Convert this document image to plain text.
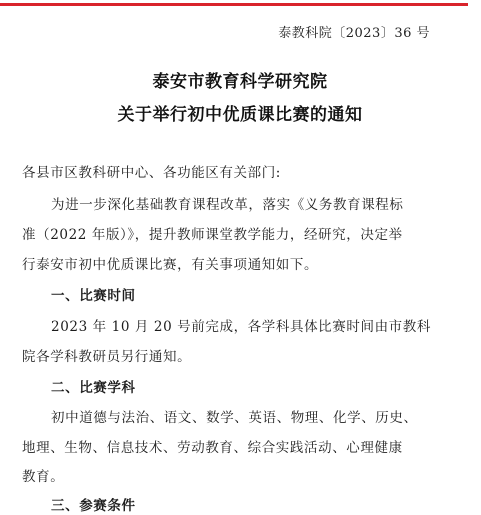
泰教科院〔2023〕36 号
泰安市教育科学研究院
关于举行初中优质课比赛的通知
各县市区教科研中心、各功能区有关部门:
为进一步深化基础教育课程改革，落实《义务教育课程标
准（2022 年版）》，提升教师课堂教学能力，经研究，决定举
行泰安市初中优质课比赛，有关事项通知如下。
一、比赛时间
2023 年 10 月 20 号前完成，各学科具体比赛时间由市教科
院各学科教研员另行通知。
二、比赛学科
初中道德与法治、语文、数学、英语、物理、化学、历史、
地理、生物、信息技术、劳动教育、综合实践活动、心理健康
教育。
三、参赛条件
